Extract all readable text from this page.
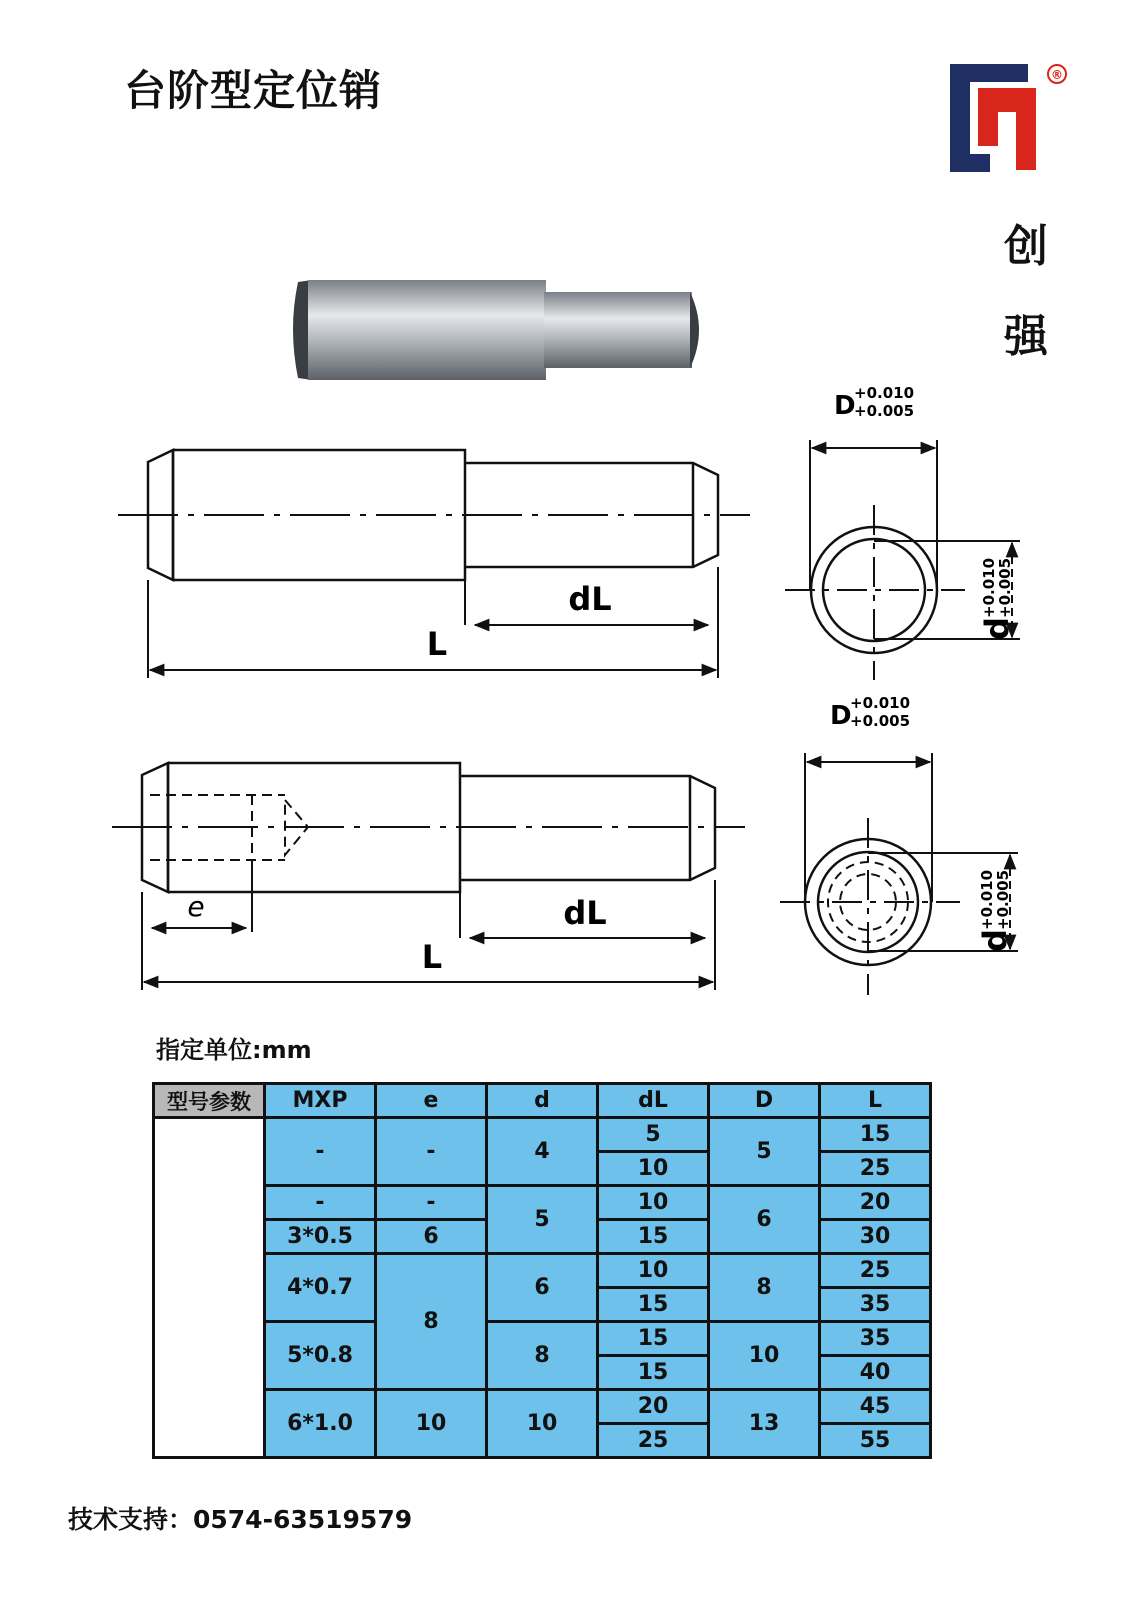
台阶型定位销	®
创
强
dL
L
D
+0.010
+0.005
d
+0.010
+0.005
e	dL
L
D
+0.010
+0.005
d
+0.010
+0.005
指定单位:mm
型号参数	MXP	e	d	dL	D	L
	-	-	4	5	5	15
				10		25
	-	-	5	10	6	20
	3*0.5	6		15		30
	4*0.7	8	6	10	8	25
				15		35
	5*0.8		8	15	10	35
				15		40
	6*1.0	10	10	20	13	45
				25		55
技术支持：0574-63519579
